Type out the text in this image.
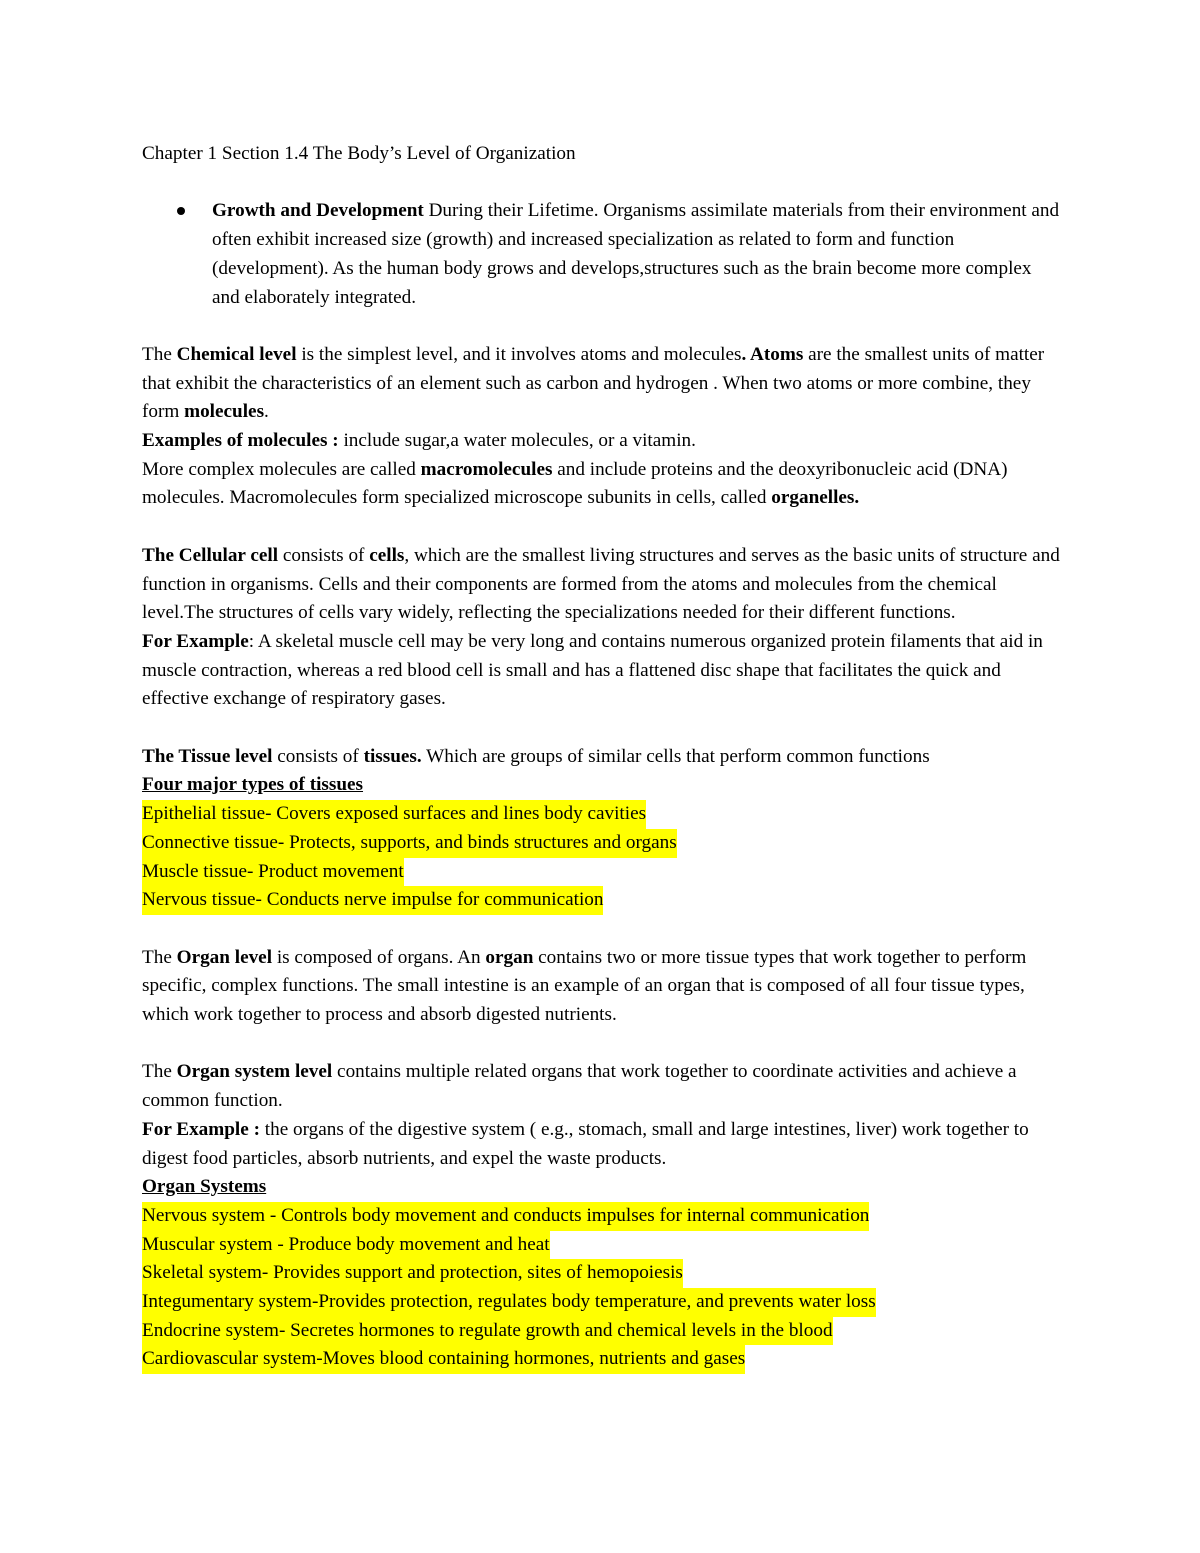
Chapter 1 Section 1.4 The Body’s Level of Organization

Growth and Development During their Lifetime. Organisms assimilate materials from their environment and often exhibit increased size (growth) and increased specialization as related to form and function (development). As the human body grows and develops,structures such as the brain become more complex and elaborately integrated.

The Chemical level is the simplest level, and it involves atoms and molecules. Atoms are the smallest units of matter that exhibit the characteristics of an element such as carbon and hydrogen . When two atoms or more combine, they form molecules.

Examples of molecules : include sugar,a water molecules, or a vitamin.

More complex molecules are called macromolecules and include proteins and the deoxyribonucleic acid (DNA) molecules. Macromolecules form specialized microscope subunits in cells, called organelles.

The Cellular cell consists of cells, which are the smallest living structures and serves as the basic units of structure and function in organisms. Cells and their components are formed from the atoms and molecules from the chemical level.The structures of cells vary widely, reflecting the specializations needed for their different functions.

For Example: A skeletal muscle cell may be very long and contains numerous organized protein filaments that aid in muscle contraction, whereas a red blood cell is small and has a flattened disc shape that facilitates the quick and effective exchange of respiratory gases.

The Tissue level consists of tissues. Which are groups of similar cells that perform common functions

Four major types of tissues

Epithelial tissue- Covers exposed surfaces and lines body cavities

Connective tissue- Protects, supports, and binds structures and organs

Muscle tissue- Product movement

Nervous tissue- Conducts nerve impulse for communication

The Organ level is composed of organs. An organ contains two or more tissue types that work together to perform specific, complex functions. The small intestine is an example of an organ that is composed of all four tissue types, which work together to process and absorb digested nutrients.

The Organ system level contains multiple related organs that work together to coordinate activities and achieve a common function.

For Example : the organs of the digestive system ( e.g., stomach, small and large intestines, liver) work together to digest food particles, absorb nutrients, and expel the waste products.

Organ Systems

Nervous system - Controls body movement and conducts impulses for internal communication

Muscular system - Produce body movement and heat

Skeletal system- Provides support and protection, sites of hemopoiesis

Integumentary system-Provides protection, regulates body temperature, and prevents water loss

Endocrine system- Secretes hormones to regulate growth and chemical levels in the blood

Cardiovascular system-Moves blood containing hormones, nutrients and gases
